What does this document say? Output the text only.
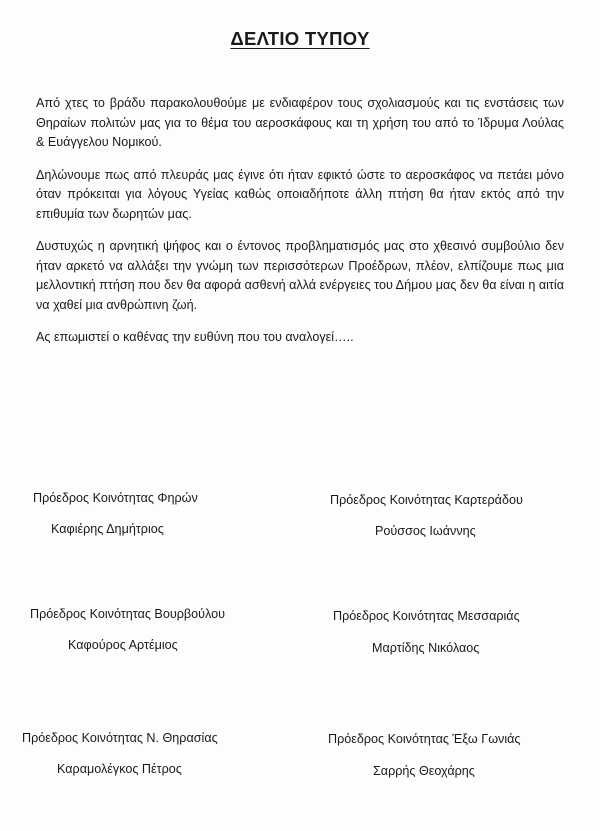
ΔΕΛΤΙΟ ΤΥΠΟΥ

Από χτες το βράδυ παρακολουθούμε με ενδιαφέρον τους σχολιασμούς και τις ενστάσεις των Θηραίων πολιτών μας για το θέμα του αεροσκάφους και τη χρήση του από το Ίδρυμα Λούλας & Ευάγγελου Νομικού.

Δηλώνουμε πως από πλευράς μας έγινε ότι ήταν εφικτό ώστε το αεροσκάφος να πετάει μόνο όταν πρόκειται για λόγους Υγείας καθώς οποιαδήποτε άλλη πτήση θα ήταν εκτός από την επιθυμία των δωρητών μας.

Δυστυχώς η αρνητική ψήφος και ο έντονος προβληματισμός μας στο χθεσινό συμβούλιο δεν ήταν αρκετό να αλλάξει την γνώμη των περισσότερων Προέδρων, πλέον, ελπίζουμε πως μια μελλοντική πτήση που δεν θα αφορά ασθενή αλλά ενέργειες του Δήμου μας δεν θα είναι η αιτία να χαθεί μια ανθρώπινη ζωή.

Ας επωμιστεί ο καθένας την ευθύνη που του αναλογεί…..

Πρόεδρος Κοινότητας Φηρών
Καφιέρης Δημήτριος
Πρόεδρος Κοινότητας Καρτεράδου
Ρούσσος Ιωάννης
Πρόεδρος Κοινότητας Βουρβούλου
Καφούρος Αρτέμιος
Πρόεδρος Κοινότητας Μεσσαριάς
Μαρτίδης Νικόλαος
Πρόεδρος Κοινότητας Ν. Θηρασίας
Καραμολέγκος Πέτρος
Πρόεδρος Κοινότητας Έξω Γωνιάς
Σαρρής Θεοχάρης
